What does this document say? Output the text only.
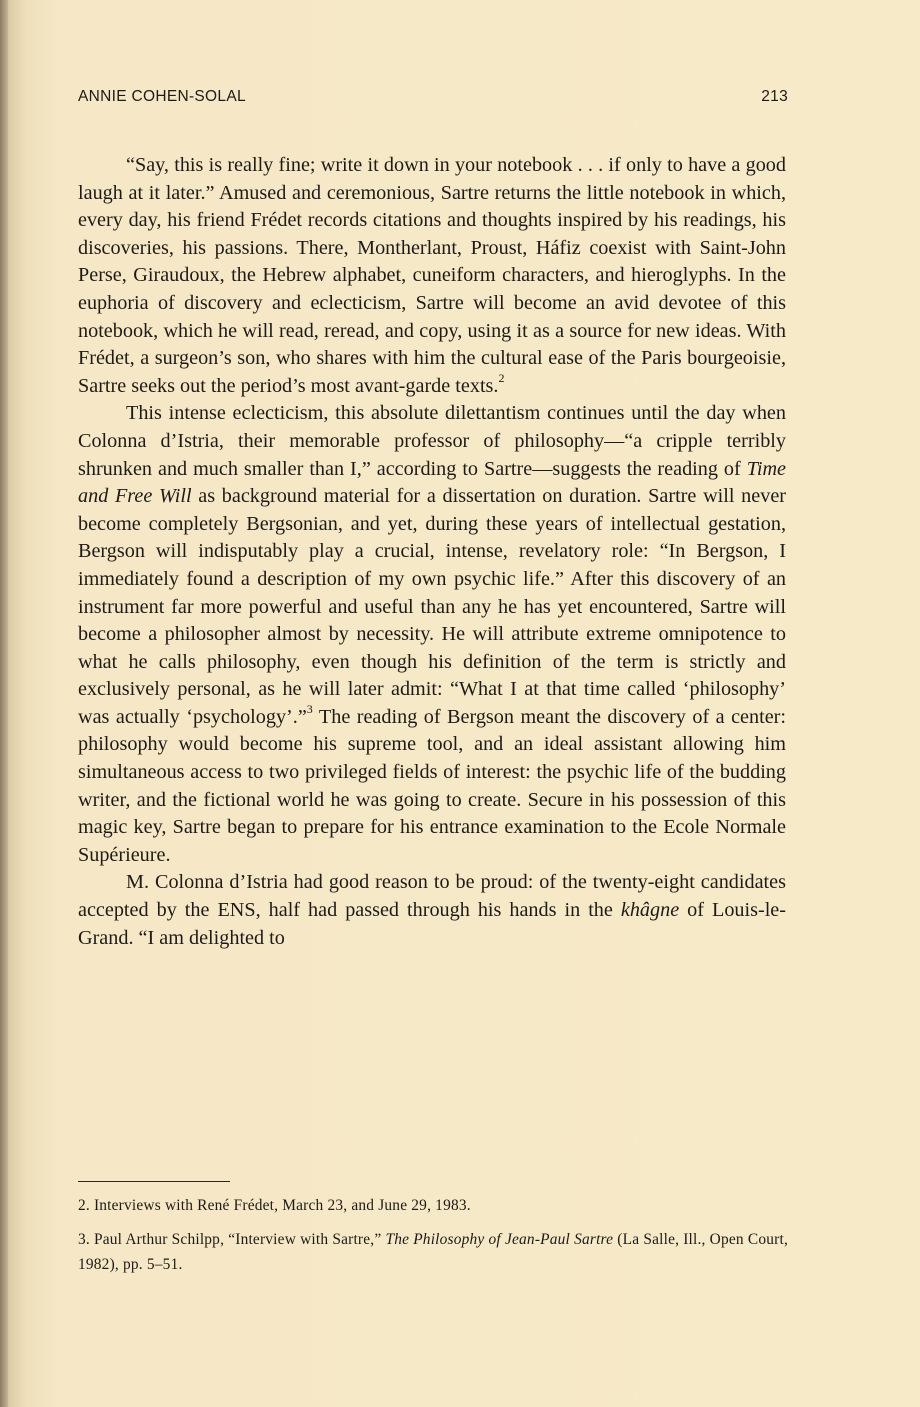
ANNIE COHEN-SOLAL	213

“Say, this is really fine; write it down in your notebook . . . if only to have a good laugh at it later.” Amused and ceremonious, Sartre returns the little notebook in which, every day, his friend Frédet records citations and thoughts inspired by his readings, his discoveries, his passions. There, Montherlant, Proust, Háfiz coexist with Saint-John Perse, Giraudoux, the Hebrew alphabet, cuneiform characters, and hieroglyphs. In the euphoria of discovery and eclecticism, Sartre will become an avid devotee of this notebook, which he will read, reread, and copy, using it as a source for new ideas. With Frédet, a surgeon’s son, who shares with him the cultural ease of the Paris bourgeoisie, Sartre seeks out the period’s most avant-garde texts.$^2$

This intense eclecticism, this absolute dilettantism continues until the day when Colonna d’Istria, their memorable professor of philosophy—“a cripple terribly shrunken and much smaller than I,” according to Sartre—suggests the reading of Time and Free Will as background material for a dissertation on duration. Sartre will never become completely Bergsonian, and yet, during these years of intellectual gestation, Bergson will indisputably play a crucial, intense, revelatory role: “In Bergson, I immediately found a description of my own psychic life.” After this discovery of an instrument far more powerful and useful than any he has yet encountered, Sartre will become a philosopher almost by necessity. He will attribute extreme omnipotence to what he calls philosophy, even though his definition of the term is strictly and exclusively personal, as he will later admit: “What I at that time called ‘philosophy’ was actually ‘psychology’.”$^3$ The reading of Bergson meant the discovery of a center: philosophy would become his supreme tool, and an ideal assistant allowing him simultaneous access to two privileged fields of interest: the psychic life of the budding writer, and the fictional world he was going to create. Secure in his possession of this magic key, Sartre began to prepare for his entrance examination to the Ecole Normale Supérieure.

M. Colonna d’Istria had good reason to be proud: of the twenty-eight candidates accepted by the ENS, half had passed through his hands in the khâgne of Louis-le-Grand. “I am delighted to

2. Interviews with René Frédet, March 23, and June 29, 1983.

3. Paul Arthur Schilpp, “Interview with Sartre,” The Philosophy of Jean-Paul Sartre (La Salle, Ill., Open Court, 1982), pp. 5–51.
